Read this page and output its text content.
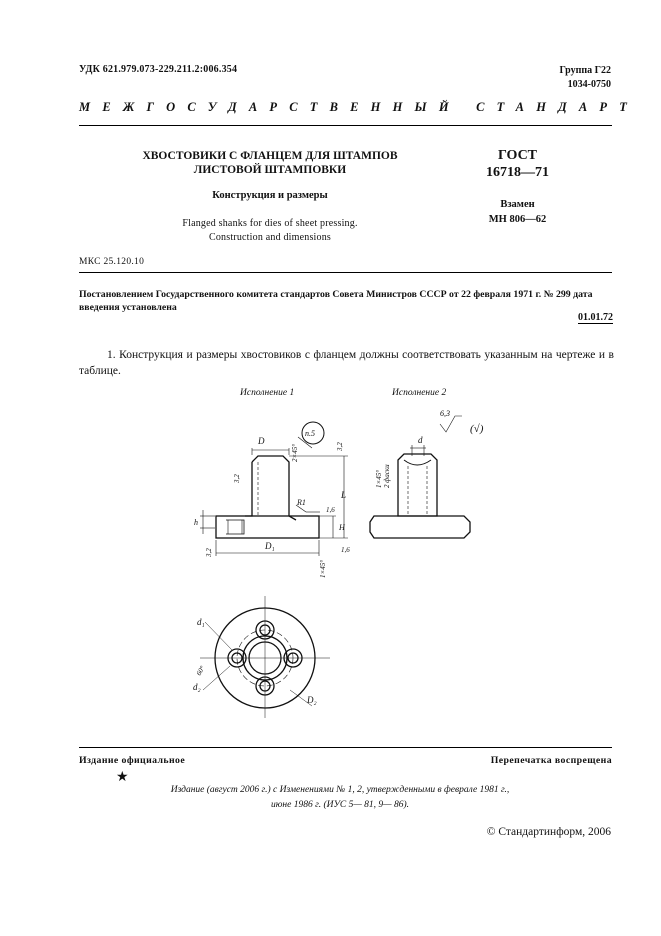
УДК 621.979.073-229.211.2:006.354	Группа Г22
1034-0750
МЕЖГОСУДАРСТВЕННЫЙ СТАНДАРТ
ХВОСТОВИКИ С ФЛАНЦЕМ ДЛЯ ШТАМПОВ
ЛИСТОВОЙ ШТАМПОВКИ
Конструкция и размеры
Flanged shanks for dies of sheet pressing.
Construction and dimensions
ГОСТ
16718—71
Взамен
МН 806—62
МКС 25.120.10
Постановлением Государственного комитета стандартов Совета Министров СССР от 22 февраля 1971 г. № 299 дата введения установлена
01.01.72
1. Конструкция и размеры хвостовиков с фланцем должны соответствовать указанным на чертеже и в таблице.
Исполнение 1	Исполнение 2
D
D₁
D₂
d
d₁
d₂
R1
L
H
h
п.5
2×45°
1×45°
1×45° 2 фаски
3,2
3,2
3,2
1,6
1,6
6,3
(√)
60°
Издание официальное	Перепечатка воспрещена
★
Издание (август 2006 г.) с Изменениями № 1, 2, утвержденными в феврале 1981 г.,
июне 1986 г. (ИУС 5— 81, 9— 86).
© Стандартинформ, 2006
